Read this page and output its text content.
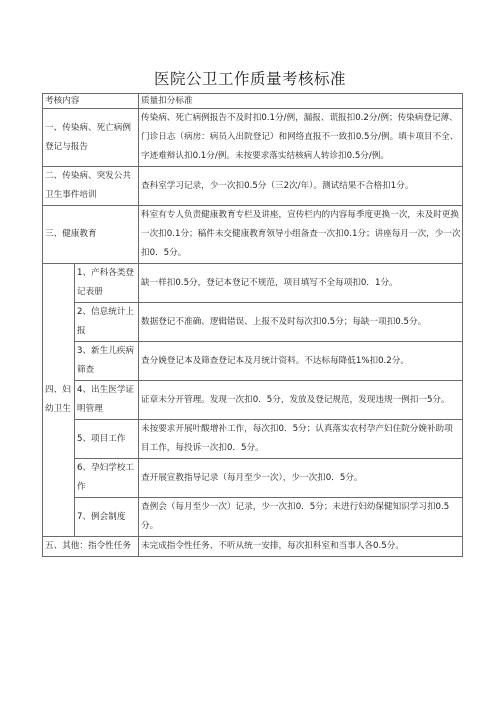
医院公卫工作质量考核标准
考核内容		质量扣分标准
一、传染病、死亡病例登记与报告		传染病、死亡病例报告不及时扣0.1分/例，漏报、谎报扣0.2分/例；传染病登记薄、门诊日志（病房：病员入出院登记）和网络直报不一致扣0.5分/例。填卡项目不全、字迹难辩认扣0.1分/例。未按要求落实结核病人转诊扣0.5分/例。
二、传染病、突发公共卫生事件培训		查科室学习记录，少一次扣0.5分（三2次/年）。测试结果不合格扣1分。
三、健康教育		科室有专人负责健康教育专栏及讲座，宣传栏内的内容每季度更换一次，未及时更换一次扣0.1分；稿件未交健康教育领导小组备查一次扣0.1分；讲座每月一次，少一次扣0．5分。
四、妇幼卫生	1、产科各类登记表册	缺一样扣0.5分，登记本登记不规范，项目填写不全每项扣0．1分。
	2、信息统计上报	数据登记不准确、逻辑错误、上报不及时每次扣0.5分；每缺一项扣0.5分。
	3、新生儿疾病筛查	查分娩登记本及筛查登记本及月统计资料。不达标每降低1%扣0.2分。
	4、出生医学证明管理	证章未分开管理。发现一次扣0．5分，发放及登记规范，发现违规一例扣一5分。
	5、项目工作	未按要求开展叶酸增补工作，每次扣0．5分；认真落实农村孕产妇住院分娩补助项目工作，每投诉一次扣0．5分。
	6、孕妇学校工作	查开展宣教指导记录（每月至少一次），少一次扣0．5分。
	7、例会制度	查例会（每月至少一次）记录，少一次扣0．5分；未进行妇幼保健知识学习扣0.5分。
五、其他：指令性任务		未完成指令性任务、不听从统一安排，每次扣科室和当事人各0.5分。
